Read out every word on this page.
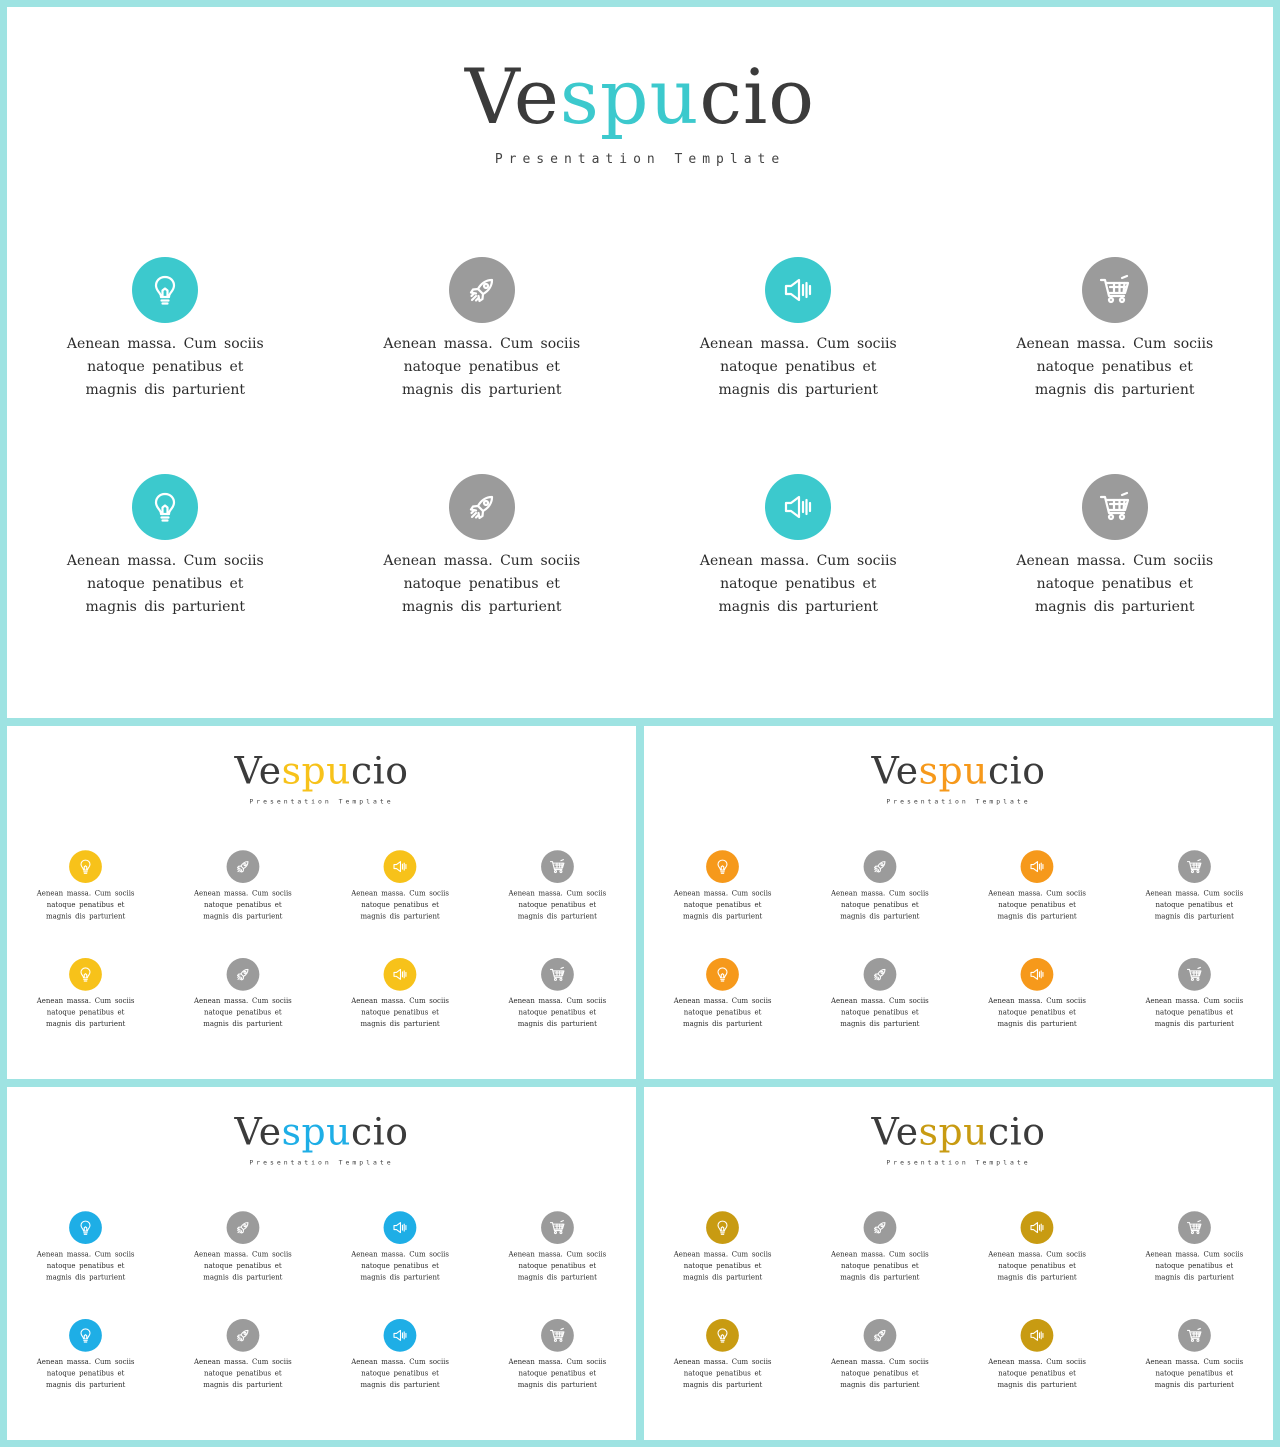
Vespucio
Presentation Template
Aenean massa. Cum sociis natoque penatibus et magnis dis parturient
Aenean massa. Cum sociis natoque penatibus et magnis dis parturient
Aenean massa. Cum sociis natoque penatibus et magnis dis parturient
Aenean massa. Cum sociis natoque penatibus et magnis dis parturient
Aenean massa. Cum sociis natoque penatibus et magnis dis parturient
Aenean massa. Cum sociis natoque penatibus et magnis dis parturient
Aenean massa. Cum sociis natoque penatibus et magnis dis parturient
Aenean massa. Cum sociis natoque penatibus et magnis dis parturient
Vespucio
Presentation Template
Aenean massa. Cum sociis natoque penatibus et magnis dis parturient
Aenean massa. Cum sociis natoque penatibus et magnis dis parturient
Aenean massa. Cum sociis natoque penatibus et magnis dis parturient
Aenean massa. Cum sociis natoque penatibus et magnis dis parturient
Aenean massa. Cum sociis natoque penatibus et magnis dis parturient
Aenean massa. Cum sociis natoque penatibus et magnis dis parturient
Aenean massa. Cum sociis natoque penatibus et magnis dis parturient
Aenean massa. Cum sociis natoque penatibus et magnis dis parturient
Vespucio
Presentation Template
Aenean massa. Cum sociis natoque penatibus et magnis dis parturient
Aenean massa. Cum sociis natoque penatibus et magnis dis parturient
Aenean massa. Cum sociis natoque penatibus et magnis dis parturient
Aenean massa. Cum sociis natoque penatibus et magnis dis parturient
Aenean massa. Cum sociis natoque penatibus et magnis dis parturient
Aenean massa. Cum sociis natoque penatibus et magnis dis parturient
Aenean massa. Cum sociis natoque penatibus et magnis dis parturient
Aenean massa. Cum sociis natoque penatibus et magnis dis parturient
Vespucio
Presentation Template
Aenean massa. Cum sociis natoque penatibus et magnis dis parturient
Aenean massa. Cum sociis natoque penatibus et magnis dis parturient
Aenean massa. Cum sociis natoque penatibus et magnis dis parturient
Aenean massa. Cum sociis natoque penatibus et magnis dis parturient
Aenean massa. Cum sociis natoque penatibus et magnis dis parturient
Aenean massa. Cum sociis natoque penatibus et magnis dis parturient
Aenean massa. Cum sociis natoque penatibus et magnis dis parturient
Aenean massa. Cum sociis natoque penatibus et magnis dis parturient
Vespucio
Presentation Template
Aenean massa. Cum sociis natoque penatibus et magnis dis parturient
Aenean massa. Cum sociis natoque penatibus et magnis dis parturient
Aenean massa. Cum sociis natoque penatibus et magnis dis parturient
Aenean massa. Cum sociis natoque penatibus et magnis dis parturient
Aenean massa. Cum sociis natoque penatibus et magnis dis parturient
Aenean massa. Cum sociis natoque penatibus et magnis dis parturient
Aenean massa. Cum sociis natoque penatibus et magnis dis parturient
Aenean massa. Cum sociis natoque penatibus et magnis dis parturient
